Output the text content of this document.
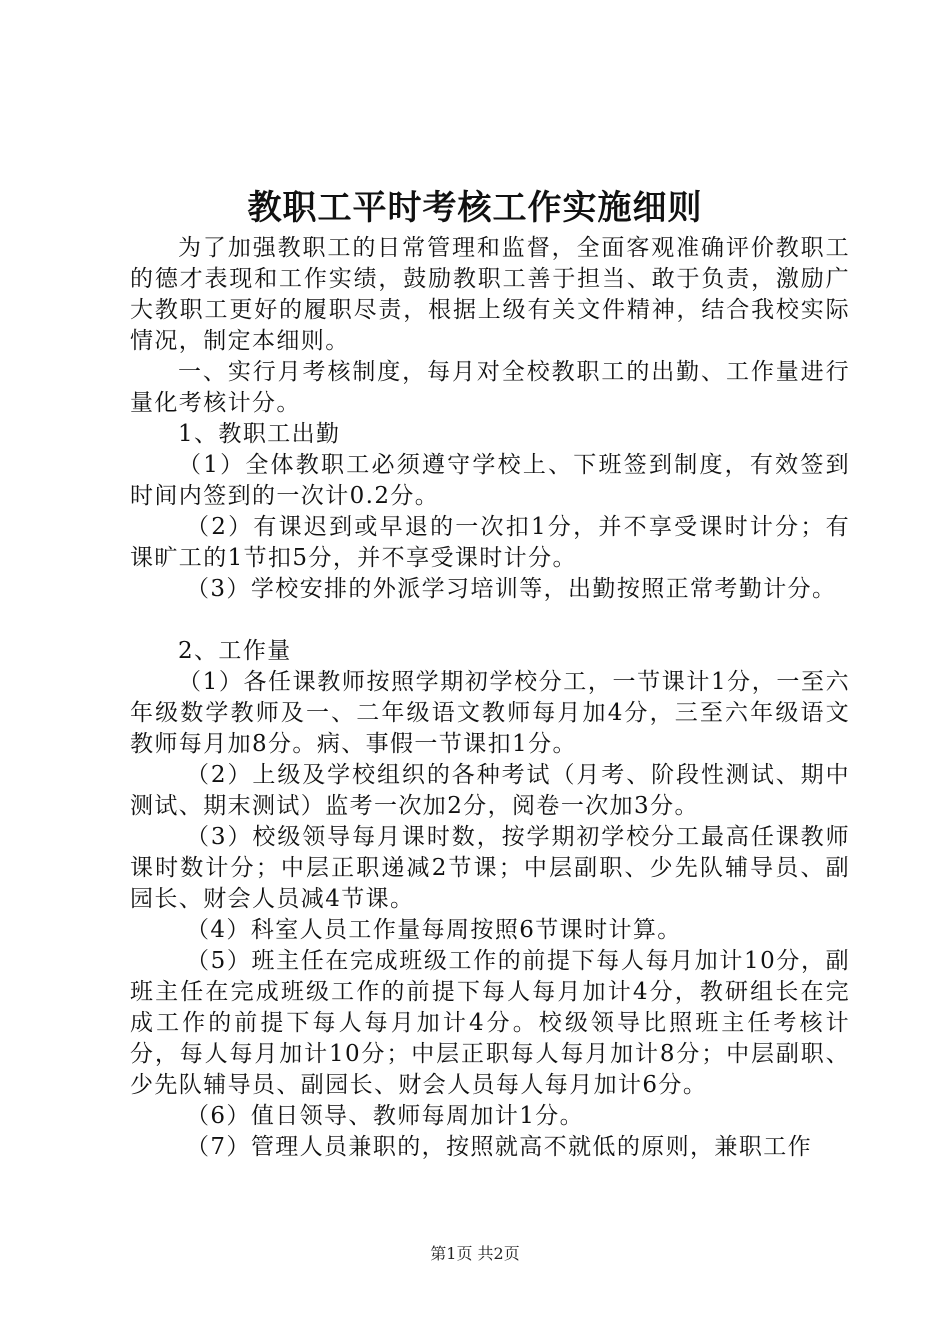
教职工平时考核工作实施细则

为了加强教职工的日常管理和监督，全面客观准确评价教职工的德才表现和工作实绩，鼓励教职工善于担当、敢于负责，激励广大教职工更好的履职尽责，根据上级有关文件精神，结合我校实际情况，制定本细则。

一、实行月考核制度，每月对全校教职工的出勤、工作量进行量化考核计分。

1、教职工出勤

（1）全体教职工必须遵守学校上、下班签到制度，有效签到时间内签到的一次计0.2分。

（2）有课迟到或早退的一次扣1分，并不享受课时计分；有课旷工的1节扣5分，并不享受课时计分。

（3）学校安排的外派学习培训等，出勤按照正常考勤计分。

2、工作量

（1）各任课教师按照学期初学校分工，一节课计1分，一至六年级数学教师及一、二年级语文教师每月加4分，三至六年级语文教师每月加8分。病、事假一节课扣1分。

（2）上级及学校组织的各种考试（月考、阶段性测试、期中测试、期末测试）监考一次加2分，阅卷一次加3分。

（3）校级领导每月课时数，按学期初学校分工最高任课教师课时数计分；中层正职递减2节课；中层副职、少先队辅导员、副园长、财会人员减4节课。

（4）科室人员工作量每周按照6节课时计算。

（5）班主任在完成班级工作的前提下每人每月加计10分，副班主任在完成班级工作的前提下每人每月加计4分，教研组长在完成工作的前提下每人每月加计4分。校级领导比照班主任考核计分，每人每月加计10分；中层正职每人每月加计8分；中层副职、少先队辅导员、副园长、财会人员每人每月加计6分。

（6）值日领导、教师每周加计1分。

（7）管理人员兼职的，按照就高不就低的原则，兼职工作

第1页 共2页
